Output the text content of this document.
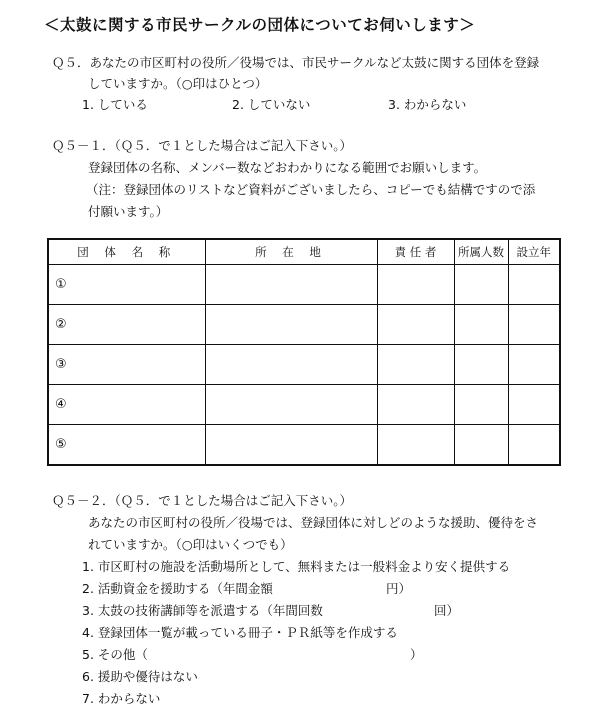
＜太鼓に関する市民サークルの団体についてお伺いします＞
Ｑ５．あなたの市区町村の役所／役場では、市民サークルなど太鼓に関する団体を登録
していますか。（○印はひとつ）
1. している	2. していない	3. わからない
Ｑ５－１．（Ｑ５．で１とした場合はご記入下さい。）
登録団体の名称、メンバー数などおわかりになる範囲でお願いします。
（注：登録団体のリストなど資料がございましたら、コピーでも結構ですので添
付願います。）
団 体 名 称	所 在 地	責 任 者	所属人数	設立年
①				
②				
③				
④				
⑤				
Ｑ５－２．（Ｑ５．で１とした場合はご記入下さい。）
あなたの市区町村の役所／役場では、登録団体に対しどのような援助、優待をさ
れていますか。（○印はいくつでも）
1. 市区町村の施設を活動場所として、無料または一般料金より安く提供する
2. 活動資金を援助する（年間金額	円）
3. 太鼓の技術講師等を派遣する（年間回数	回）
4. 登録団体一覧が載っている冊子・ＰＲ紙等を作成する
5. その他（	）
6. 援助や優待はない
7. わからない
